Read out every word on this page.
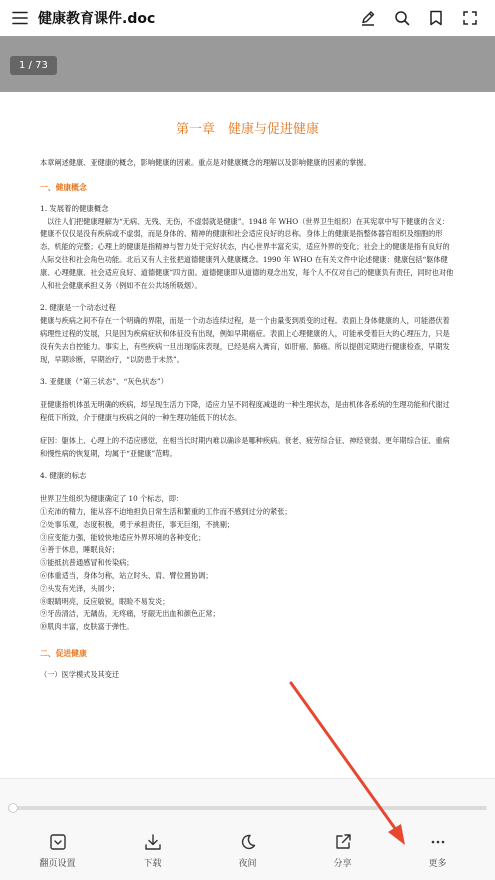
健康教育课件.doc
1 / 73
第一章　健康与促进健康
本章阐述健康、亚健康的概念，影响健康的因素。重点是对健康概念的理解以及影响健康的因素的掌握。
一、健康概念
1. 发展着的健康概念
　以往人们把健康理解为“无病、无残、无伤，不虚弱就是健康”。1948 年 WHO（世界卫生组织）在其宪章中写下健康的含义：健康不仅仅是没有疾病或不虚弱，而是身体的、精神的健康和社会适应良好的总称。身体上的健康是指整体器官组织及细胞的形态、机能的完整；心理上的健康是指精神与智力处于完好状态，内心世界丰富充实，适应外界的变化；社会上的健康是指有良好的人际交往和社会角色功能。北后又有人主张把道德健康列入健康概念。1990 年 WHO 在有关文件中论述健康：健康包括“躯体健康、心理健康、社会适应良好、道德健康”四方面。道德健康即从道德的观念出发，每个人不仅对自己的健康负有责任，同时也对他人和社会健康承担义务（例如不在公共场所吸烟）。
2. 健康是一个动态过程
健康与疾病之间不存在一个明确的界限，而是一个动态连续过程，是一个由量变到质变的过程。表面上身体健康的人，可能潜伏着病理性过程的发展，只是因为疾病症状和体征没有出现，例如早期癌症。表面上心理健康的人，可能承受着巨大的心理压力，只是没有失去自控能力。事实上，有些疾病一旦出现临床表现，已经是病入膏肓，如肝癌、肺癌。所以提倡定期进行健康检查，早期发现，早期诊断，早期治疗，“以防患于未然”。
3. 亚健康（“第三状态”、“灰色状态”）
亚健康指机体虽无明确的疾病，却呈现生活力下降，适应力呈不同程度减退的一种生理状态，是由机体各系统的生理功能和代谢过程低下所致，介于健康与疾病之间的一种生理功能低下的状态。
症因：躯体上、心理上的不适应感觉，在相当长时期内难以确诊是哪种疾病。衰老、疲劳综合征、神经衰弱、更年期综合征、重病和慢性病的恢复期，均属于“亚健康”范畴。
4. 健康的标志
世界卫生组织为健康确定了 10 个标志，即：
①充沛的精力，能从容不迫地担负日常生活和繁重的工作而不感到过分的紧张；
②处事乐观，态度积极，勇于承担责任，事无巨细，不挑剔；
③应变能力强，能较快地适应外界环境的各种变化；
④善于休息，睡眠良好；
⑤能抵抗普通感冒和传染病；
⑥体重适当，身体匀称，站立时头、肩、臂位置协调；
⑦头发有光泽，头屑少；
⑧眼睛明亮，反应敏锐，眼睑不易发炎；
⑨牙齿清洁，无龋齿，无疼痛，牙龈无出血和颜色正常；
⑩肌肉丰富，皮肤富于弹性。
二、促进健康
（一）医学模式及其变迁
翻页设置	下载	夜间	分享	更多
